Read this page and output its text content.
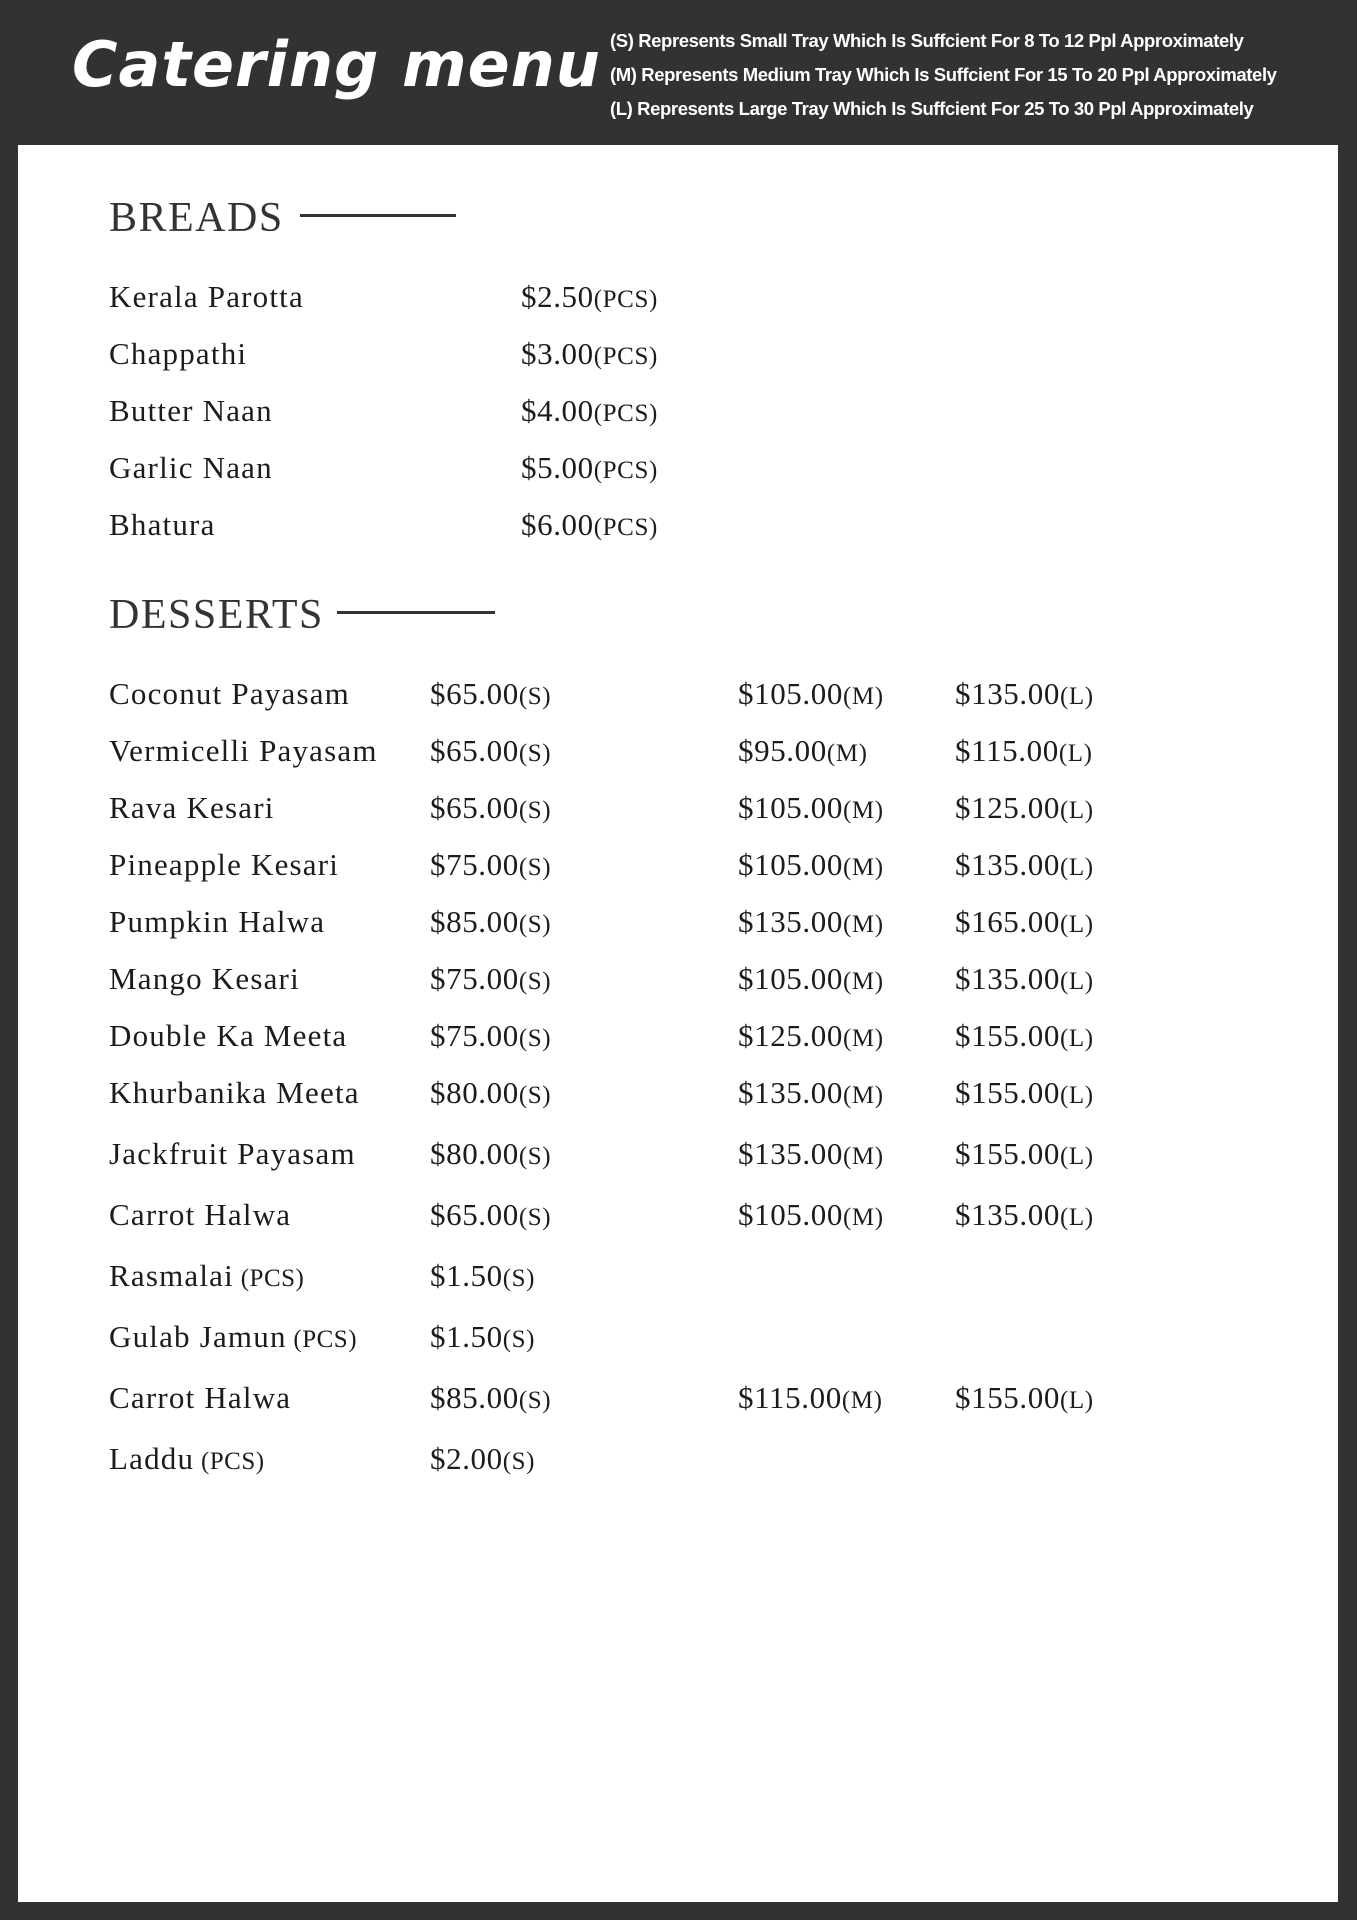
Catering menu (S) Represents Small Tray Which Is Suffcient For 8 To 12 Ppl Approximately
(M) Represents Medium Tray Which Is Suffcient For 15 To 20 Ppl Approximately
(L) Represents Large Tray Which Is Suffcient For 25 To 30 Ppl Approximately
BREADS
Kerala Parotta	$2.50(PCS)
Chappathi	$3.00(PCS)
Butter Naan	$4.00(PCS)
Garlic Naan	$5.00(PCS)
Bhatura	$6.00(PCS)
DESSERTS
Coconut Payasam	$65.00(S)	$105.00(M) $135.00(L)
Vermicelli Payasam $65.00(S)	$95.00(M)	$115.00(L)
Rava Kesari	$65.00(S)	$105.00(M) $125.00(L)
Pineapple Kesari	$75.00(S)	$105.00(M) $135.00(L)
Pumpkin Halwa	$85.00(S)	$135.00(M) $165.00(L)
Mango Kesari	$75.00(S)	$105.00(M) $135.00(L)
Double Ka Meeta	$75.00(S)	$125.00(M) $155.00(L)
Khurbanika Meeta $80.00(S)	$135.00(M) $155.00(L)
Jackfruit Payasam $80.00(S)	$135.00(M) $155.00(L)
Carrot Halwa	$65.00(S)	$105.00(M) $135.00(L)
Rasmalai (PCS)	$1.50(S)
Gulab Jamun (PCS) $1.50(S)
Carrot Halwa	$85.00(S)	$115.00(M) $155.00(L)
Laddu (PCS)	$2.00(S)
